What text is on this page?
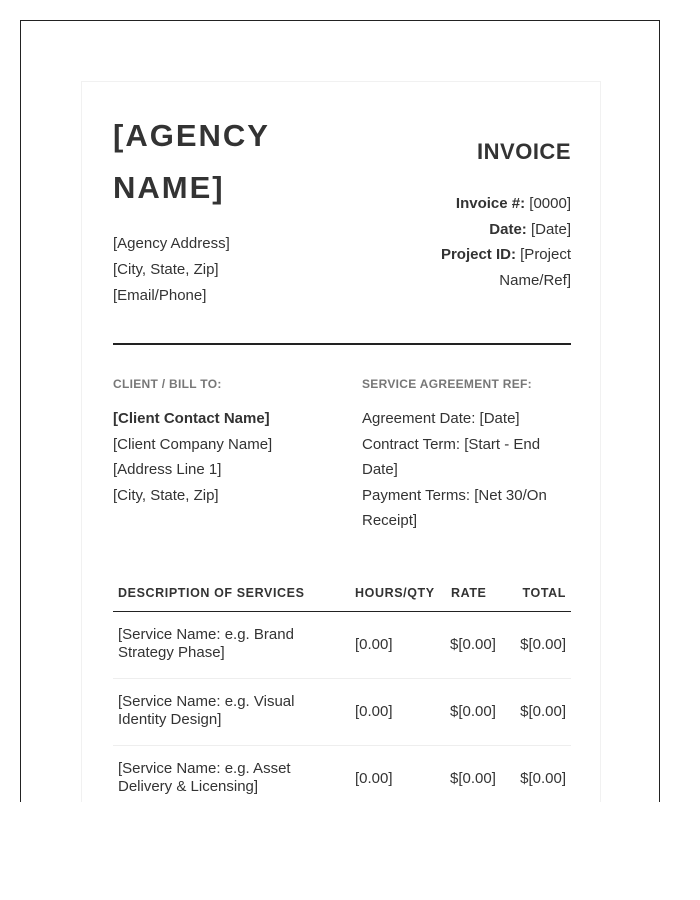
[AGENCY NAME]
[Agency Address]
[City, State, Zip]
[Email/Phone]
INVOICE
Invoice #: [0000]
Date: [Date]
Project ID: [Project Name/Ref]
CLIENT / BILL TO:	SERVICE AGREEMENT REF:
[Client Contact Name]
[Client Company Name]
[Address Line 1]
[City, State, Zip]
Agreement Date: [Date]
Contract Term: [Start - End Date]
Payment Terms: [Net 30/On Receipt]
DESCRIPTION OF SERVICES	HOURS/QTY RATE	TOTAL
[Service Name: e.g. Brand Strategy Phase]	[0.00]	$[0.00] $[0.00]
[Service Name: e.g. Visual Identity Design]	[0.00]	$[0.00] $[0.00]
[Service Name: e.g. Asset Delivery & Licensing]	[0.00]	$[0.00] $[0.00]
